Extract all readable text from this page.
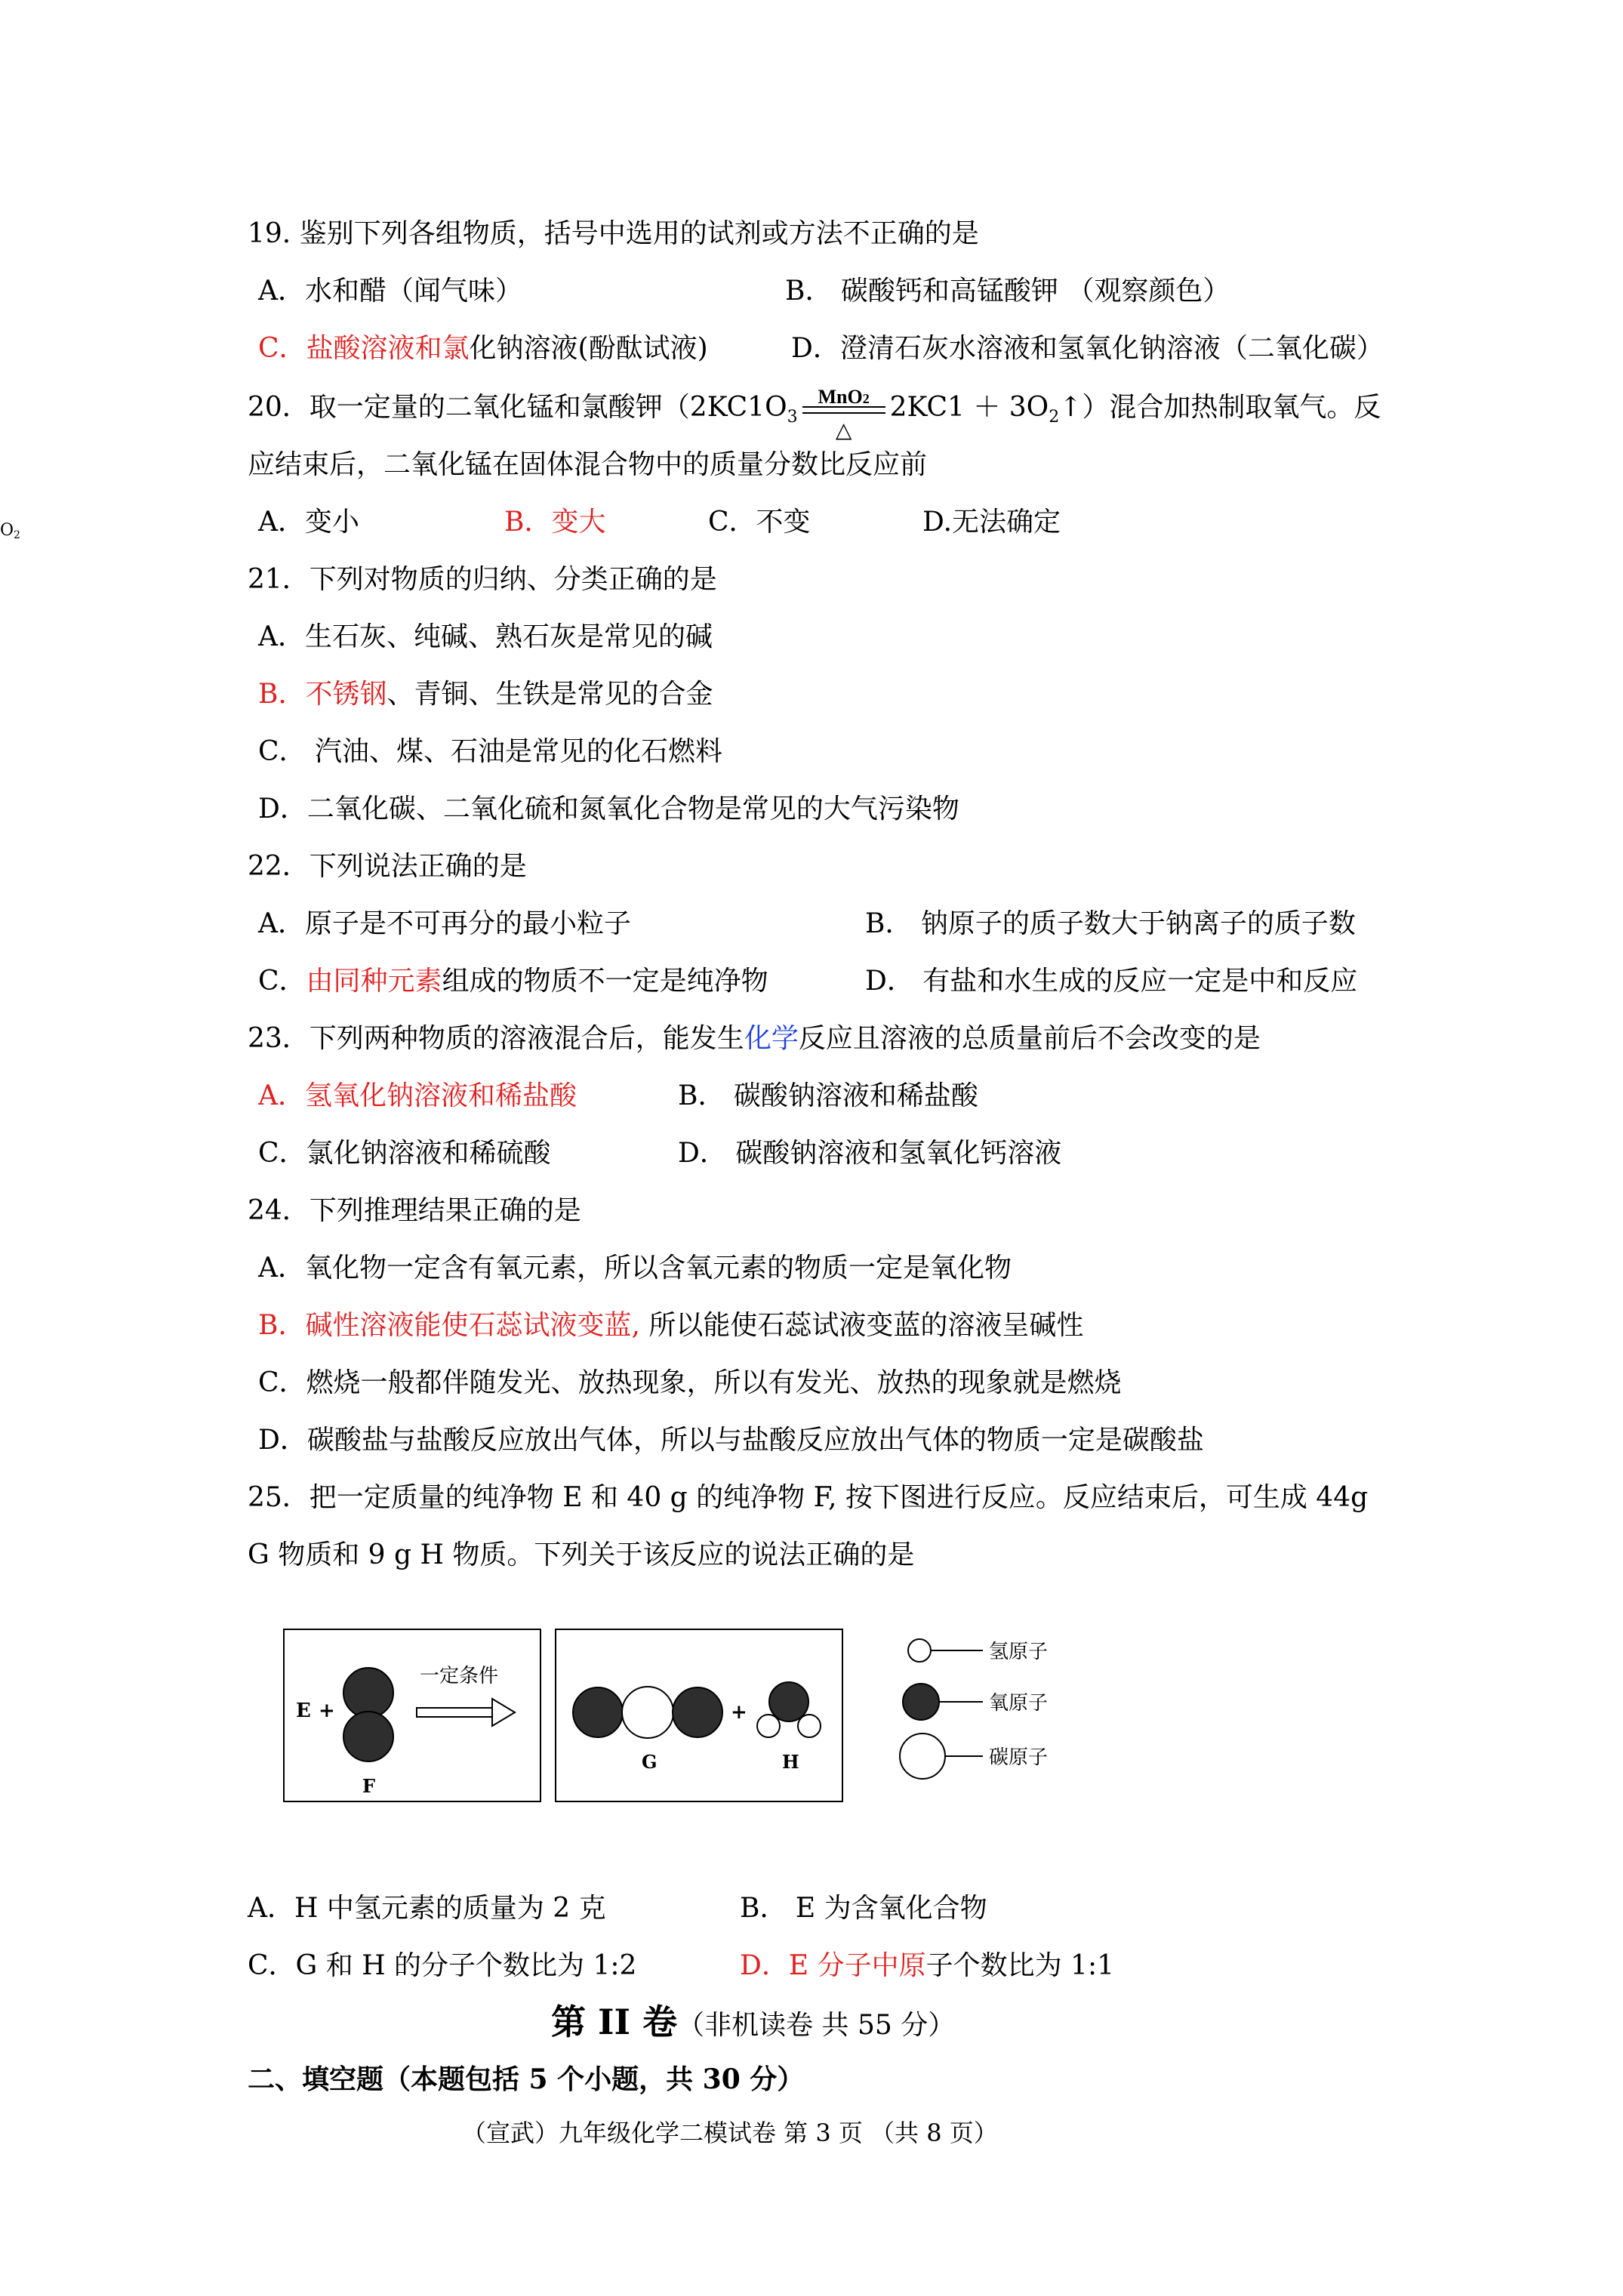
$O_2$
19. 鉴别下列各组物质，括号中选用的试剂或方法不正确的是
A．水和醋（闻气味）	B． 碳酸钙和高锰酸钾 （观察颜色）
C．盐酸溶液和氯化钠溶液(酚酞试液)	D．澄清石灰水溶液和氢氧化钠溶液（二氧化碳）
20．取一定量的二氧化锰和氯酸钾（$2KC1O_3 \frac{\text{MnO2}}{\triangle} 2KC1$ ＋ $3O_2↑$）混合加热制取氧气。反
应结束后，二氧化锰在固体混合物中的质量分数比反应前
A．变小	B．变大	C．不变	D.无法确定
21．下列对物质的归纳、分类正确的是
A．生石灰、纯碱、熟石灰是常见的碱
B．不锈钢、青铜、生铁是常见的合金
C． 汽油、煤、石油是常见的化石燃料
D．二氧化碳、二氧化硫和氮氧化合物是常见的大气污染物
22．下列说法正确的是
A．原子是不可再分的最小粒子	B． 钠原子的质子数大于钠离子的质子数
C．由同种元素组成的物质不一定是纯净物	D． 有盐和水生成的反应一定是中和反应
23．下列两种物质的溶液混合后，能发生化学反应且溶液的总质量前后不会改变的是
A．氢氧化钠溶液和稀盐酸	B． 碳酸钠溶液和稀盐酸
C．氯化钠溶液和稀硫酸	D． 碳酸钠溶液和氢氧化钙溶液
24．下列推理结果正确的是
A．氧化物一定含有氧元素，所以含氧元素的物质一定是氧化物
B．碱性溶液能使石蕊试液变蓝, 所以能使石蕊试液变蓝的溶液呈碱性
C．燃烧一般都伴随发光、放热现象，所以有发光、放热的现象就是燃烧
D．碳酸盐与盐酸反应放出气体，所以与盐酸反应放出气体的物质一定是碳酸盐
25．把一定质量的纯净物 E 和 40 g 的纯净物 F, 按下图进行反应。反应结束后，可生成 44g
G 物质和 9 g H 物质。下列关于该反应的说法正确的是
E +
F
一定条件
+
G	H
氢原子
氧原子
碳原子
A．H 中氢元素的质量为 2 克	B． E 为含氧化合物
C．G 和 H 的分子个数比为 1:2	D．E 分子中原子个数比为 1:1
第 II 卷（非机读卷 共 55 分）
二、填空题（本题包括 5 个小题，共 30 分）
（宣武）九年级化学二模试卷 第 3 页 （共 8 页）
